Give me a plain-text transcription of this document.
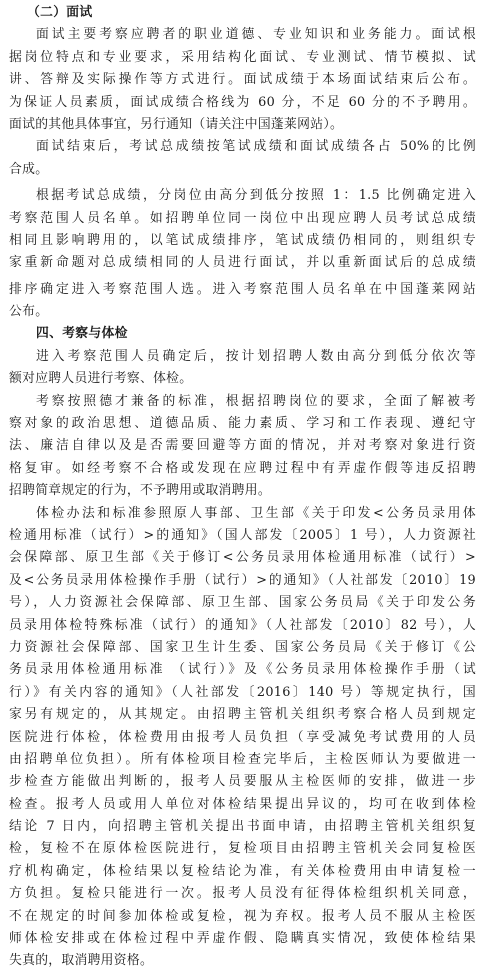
（二）面试
面试主要考察应聘者的职业道德、专业知识和业务能力。面试根
据岗位特点和专业要求，采用结构化面试、专业测试、情节模拟、试
讲、答辩及实际操作等方式进行。面试成绩于本场面试结束后公布。
为保证人员素质，面试成绩合格线为 60 分，不足 60 分的不予聘用。
面试的其他具体事宜，另行通知（请关注中国蓬莱网站）。
面试结束后，考试总成绩按笔试成绩和面试成绩各占 50%的比例
合成。
根据考试总成绩，分岗位由高分到低分按照 1：1.5 比例确定进入
考察范围人员名单。如招聘单位同一岗位中出现应聘人员考试总成绩
相同且影响聘用的，以笔试成绩排序，笔试成绩仍相同的，则组织专
家重新命题对总成绩相同的人员进行面试，并以重新面试后的总成绩
排序确定进入考察范围人选。进入考察范围人员名单在中国蓬莱网站
公布。
四、考察与体检
进入考察范围人员确定后，按计划招聘人数由高分到低分依次等
额对应聘人员进行考察、体检。
考察按照德才兼备的标准，根据招聘岗位的要求，全面了解被考
察对象的政治思想、道德品质、能力素质、学习和工作表现、遵纪守
法、廉洁自律以及是否需要回避等方面的情况，并对考察对象进行资
格复审。如经考察不合格或发现在应聘过程中有弄虚作假等违反招聘
招聘简章规定的行为，不予聘用或取消聘用。
体检办法和标准参照原人事部、卫生部《关于印发<公务员录用体
检通用标准（试行）>的通知》（国人部发〔2005〕1 号），人力资源社
会保障部、原卫生部《关于修订<公务员录用体检通用标准（试行）>
及<公务员录用体检操作手册（试行）>的通知》（人社部发〔2010〕19
号），人力资源社会保障部、原卫生部、国家公务员局《关于印发公务
员录用体检特殊标准（试行）的通知》（人社部发〔2010〕82 号），人
力资源社会保障部、国家卫生计生委、国家公务员局《关于修订《公
务员录用体检通用标准 （试行）》及《公务员录用体检操作手册（试
行）》有关内容的通知》（人社部发〔2016〕140 号）等规定执行，国
家另有规定的，从其规定。由招聘主管机关组织考察合格人员到规定
医院进行体检，体检费用由报考人员负担（享受减免考试费用的人员
由招聘单位负担）。所有体检项目检查完毕后，主检医师认为要做进一
步检查方能做出判断的，报考人员要服从主检医师的安排，做进一步
检查。报考人员或用人单位对体检结果提出异议的，均可在收到体检
结论 7 日内，向招聘主管机关提出书面申请，由招聘主管机关组织复
检，复检不在原体检医院进行，复检项目由招聘主管机关会同复检医
疗机构确定，体检结果以复检结论为准，有关体检费用由申请复检一
方负担。复检只能进行一次。报考人员没有征得体检组织机关同意，
不在规定的时间参加体检或复检，视为弃权。报考人员不服从主检医
师体检安排或在体检过程中弄虚作假、隐瞒真实情况，致使体检结果
失真的，取消聘用资格。
